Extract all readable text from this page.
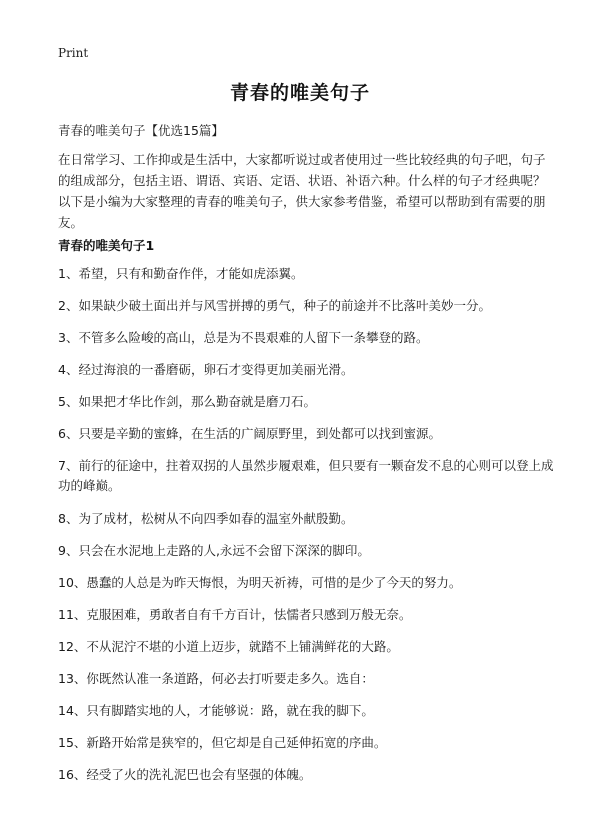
Print
青春的唯美句子
青春的唯美句子【优选15篇】
在日常学习、工作抑或是生活中，大家都听说过或者使用过一些比较经典的句子吧，句子的组成部分，包括主语、谓语、宾语、定语、状语、补语六种。什么样的句子才经典呢？以下是小编为大家整理的青春的唯美句子，供大家参考借鉴，希望可以帮助到有需要的朋友。
青春的唯美句子1
1、希望，只有和勤奋作伴，才能如虎添翼。
2、如果缺少破土面出并与风雪拼搏的勇气，种子的前途并不比落叶美妙一分。
3、不管多么险峻的高山，总是为不畏艰难的人留下一条攀登的路。
4、经过海浪的一番磨砺，卵石才变得更加美丽光滑。
5、如果把才华比作剑，那么勤奋就是磨刀石。
6、只要是辛勤的蜜蜂，在生活的广阔原野里，到处都可以找到蜜源。
7、前行的征途中，拄着双拐的人虽然步履艰难，但只要有一颗奋发不息的心则可以登上成功的峰巅。
8、为了成材，松树从不向四季如春的温室外献殷勤。
9、只会在水泥地上走路的人,永远不会留下深深的脚印。
10、愚蠢的人总是为昨天悔恨，为明天祈祷，可惜的是少了今天的努力。
11、克服困难，勇敢者自有千方百计，怯懦者只感到万般无奈。
12、不从泥泞不堪的小道上迈步，就踏不上铺满鲜花的大路。
13、你既然认准一条道路，何必去打听要走多久。选自：
14、只有脚踏实地的人，才能够说：路，就在我的脚下。
15、新路开始常是狭窄的，但它却是自己延伸拓宽的序曲。
16、经受了火的洗礼泥巴也会有坚强的体魄。
